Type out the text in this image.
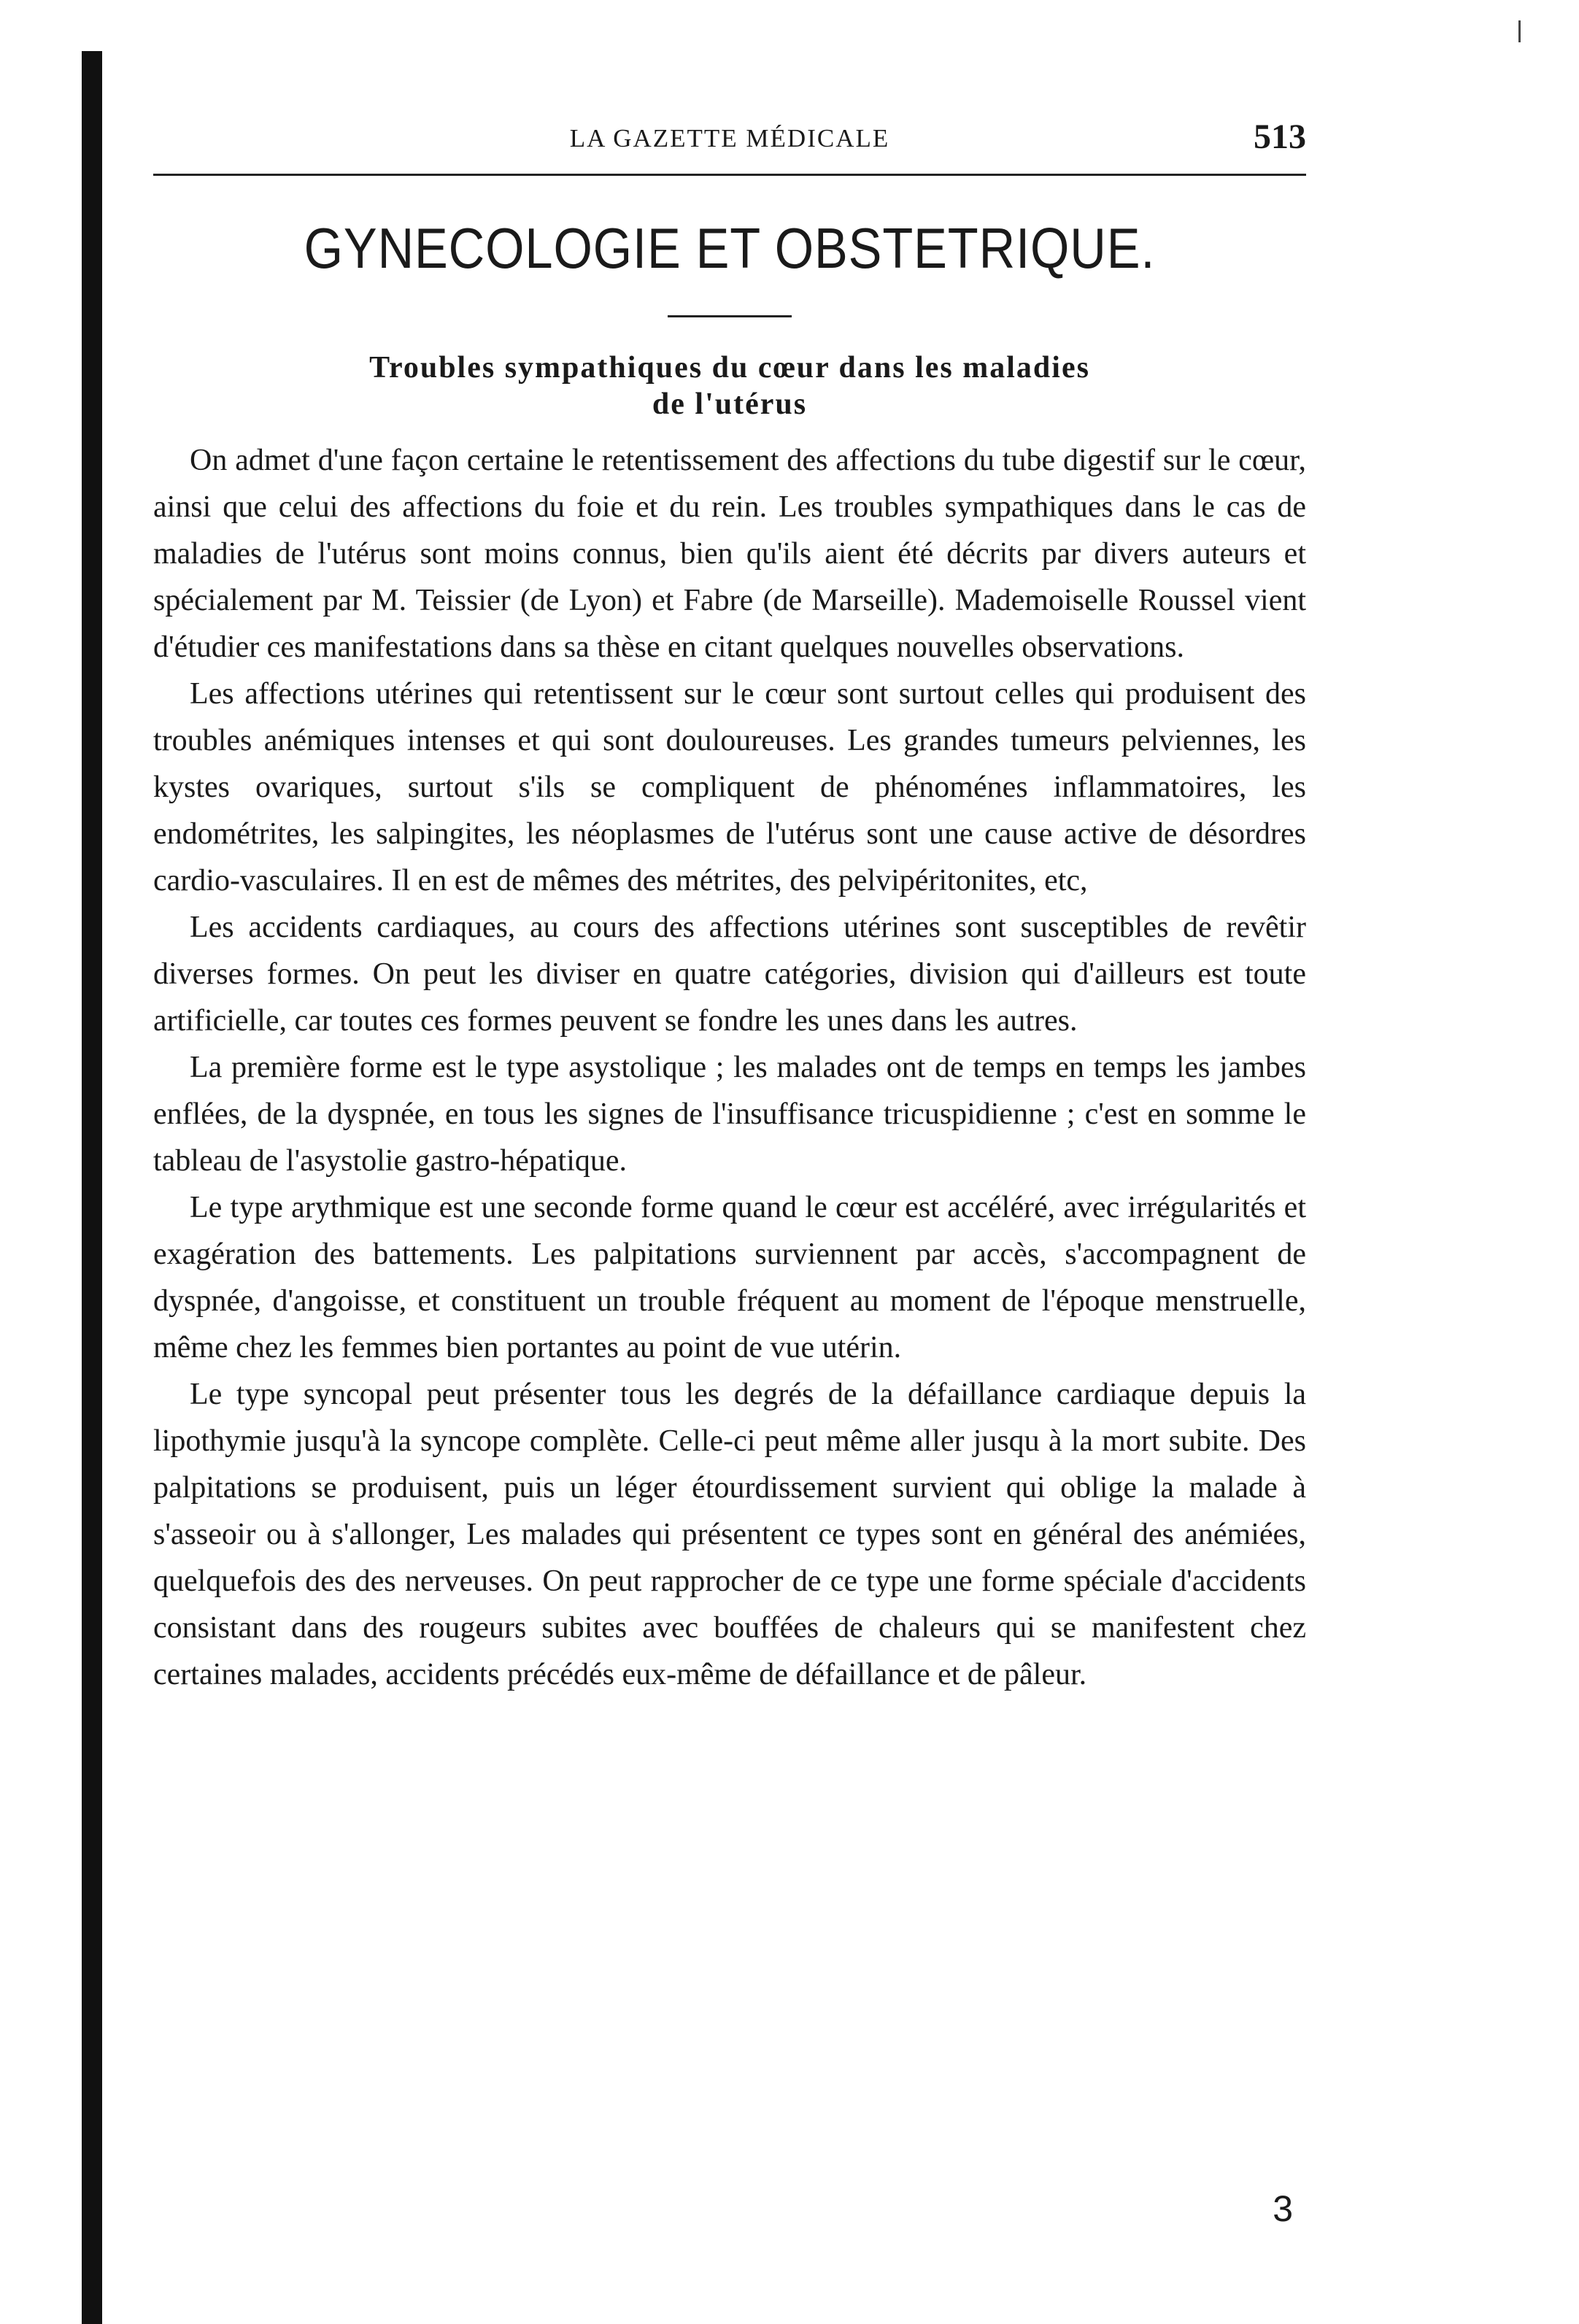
LA GAZETTE MÉDICALE	513
GYNECOLOGIE ET OBSTETRIQUE.
Troubles sympathiques du cœur dans les maladies
de l'utérus

On admet d'une façon certaine le retentissement des affections du tube digestif sur le cœur, ainsi que celui des affections du foie et du rein. Les troubles sympathiques dans le cas de maladies de l'utérus sont moins connus, bien qu'ils aient été décrits par divers auteurs et spécialement par M. Teissier (de Lyon) et Fabre (de Marseille). Mademoiselle Roussel vient d'étudier ces manifestations dans sa thèse en citant quelques nouvelles observations.

Les affections utérines qui retentissent sur le cœur sont surtout celles qui produisent des troubles anémiques intenses et qui sont douloureuses. Les grandes tumeurs pelviennes, les kystes ovariques, surtout s'ils se compliquent de phénoménes inflammatoires, les endométrites, les salpingites, les néoplasmes de l'utérus sont une cause active de désordres cardio-vasculaires. Il en est de mêmes des métrites, des pelvipéritonites, etc,

Les accidents cardiaques, au cours des affections utérines sont susceptibles de revêtir diverses formes. On peut les diviser en quatre catégories, division qui d'ailleurs est toute artificielle, car toutes ces formes peuvent se fondre les unes dans les autres.

La première forme est le type asystolique ; les malades ont de temps en temps les jambes enflées, de la dyspnée, en tous les signes de l'insuffisance tricuspidienne ; c'est en somme le tableau de l'asystolie gastro-hépatique.

Le type arythmique est une seconde forme quand le cœur est accéléré, avec irrégularités et exagération des battements. Les palpitations surviennent par accès, s'accompagnent de dyspnée, d'angoisse, et constituent un trouble fréquent au moment de l'époque menstruelle, même chez les femmes bien portantes au point de vue utérin.

Le type syncopal peut présenter tous les degrés de la défaillance cardiaque depuis la lipothymie jusqu'à la syncope complète. Celle-ci peut même aller jusqu à la mort subite. Des palpitations se produisent, puis un léger étourdissement survient qui oblige la malade à s'asseoir ou à s'allonger, Les malades qui présentent ce types sont en général des anémiées, quelquefois des des nerveuses. On peut rapprocher de ce type une forme spéciale d'accidents consistant dans des rougeurs subites avec bouffées de chaleurs qui se manifestent chez certaines malades, accidents précédés eux-même de défaillance et de pâleur.

3
